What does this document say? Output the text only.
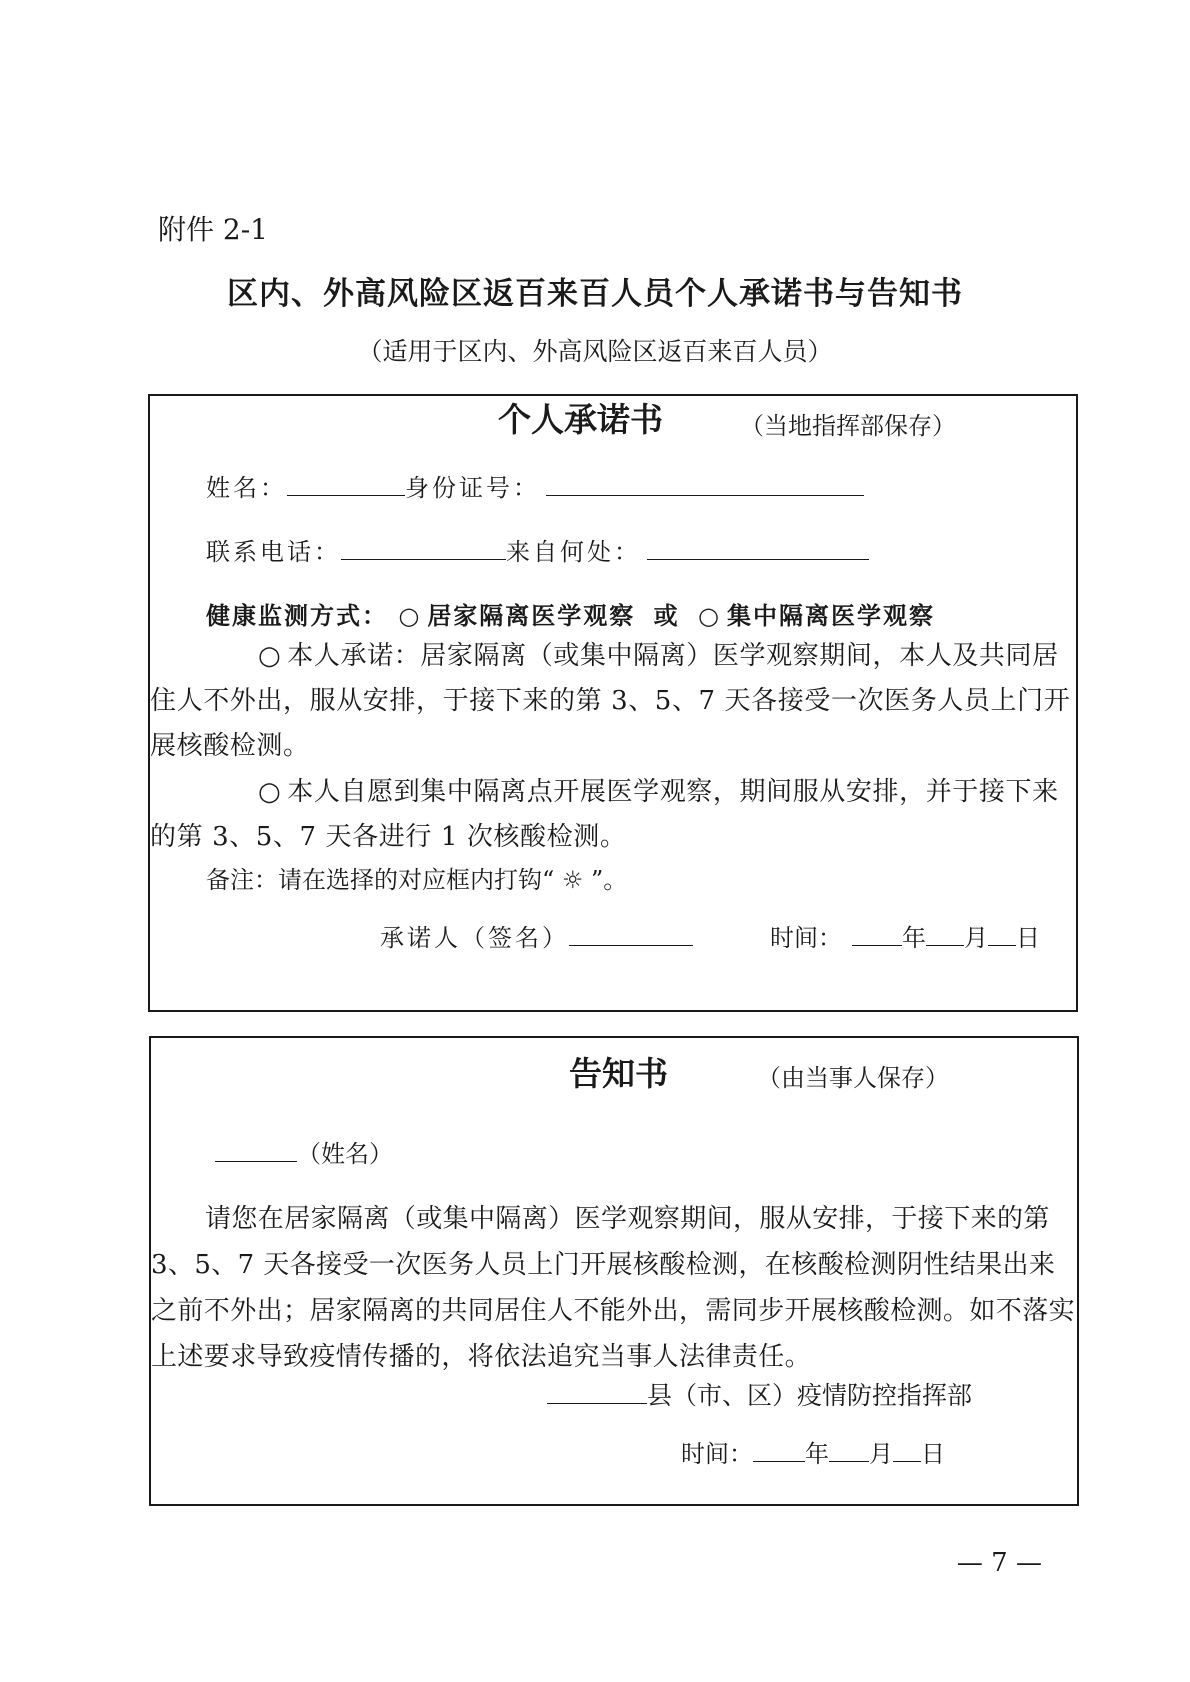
附件 2-1
区内、外高风险区返百来百人员个人承诺书与告知书
（适用于区内、外高风险区返百来百人员）
个人承诺书	（当地指挥部保存）
姓名：	身份证号：
联系电话：	来自何处：
健康监测方式： ○ 居家隔离医学观察 或 ○ 集中隔离医学观察
○ 本人承诺：居家隔离（或集中隔离）医学观察期间，本人及共同居住人不外出，服从安排，于接下来的第 3、5、7 天各接受一次医务人员上门开展核酸检测。
○ 本人自愿到集中隔离点开展医学观察，期间服从安排，并于接下来的第 3、5、7 天各进行 1 次核酸检测。
备注：请在选择的对应框内打钩“ ☼ ”。
承诺人（签名）	时间：	年 月 日
告知书	（由当事人保存）
（姓名）
请您在居家隔离（或集中隔离）医学观察期间，服从安排，于接下来的第 3、5、7 天各接受一次医务人员上门开展核酸检测，在核酸检测阴性结果出来之前不外出；居家隔离的共同居住人不能外出，需同步开展核酸检测。如不落实上述要求导致疫情传播的，将依法追究当事人法律责任。
县（市、区）疫情防控指挥部
时间： 年 月 日
— 7 —
